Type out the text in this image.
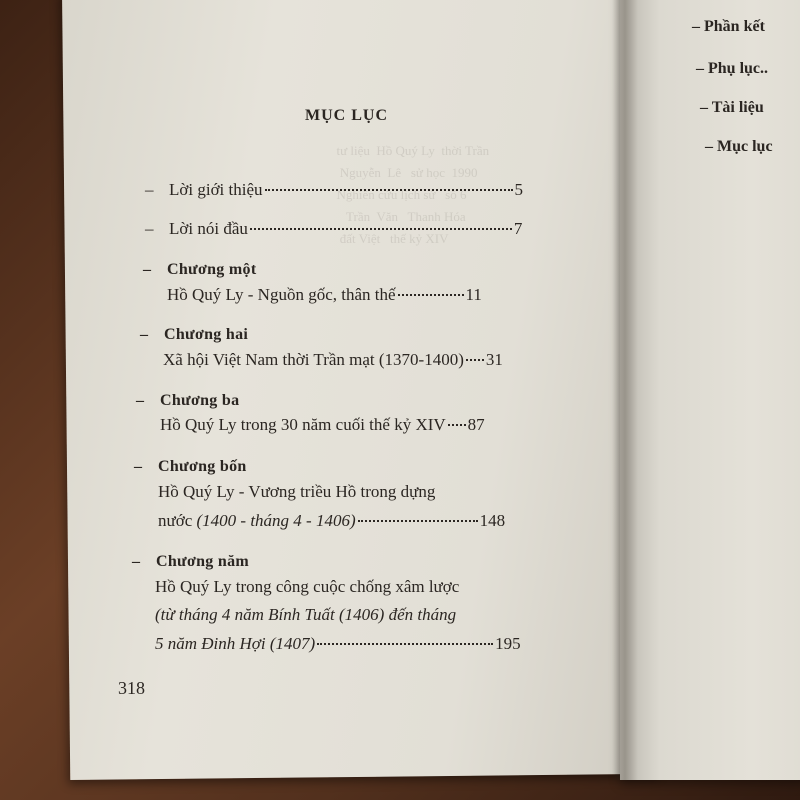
tư liệu  Hồ Quý Ly  thời Trần
Nguyễn  Lê   sử học  1990
Nghiên cứu lịch sử   số 6
Trần  Văn   Thanh Hóa
đất Việt   thế kỷ XIV

MỤC LỤC
– Lời giới thiệu	5
– Lời nói đầu	7
– Chương một
Hồ Quý Ly - Nguồn gốc, thân thế	11
– Chương hai
Xã hội Việt Nam thời Trần mạt (1370-1400) 31
– Chương ba
Hồ Quý Ly trong 30 năm cuối thế kỷ XIV 87
– Chương bốn
Hồ Quý Ly - Vương triều Hồ trong dựng
nước (1400 - tháng 4 - 1406)	148
– Chương năm
Hồ Quý Ly trong công cuộc chống xâm lược
(từ tháng 4 năm Bính Tuất (1406) đến tháng
5 năm Đinh Hợi (1407)	195
318
– Phần kết
– Phụ lục..
– Tài liệu
– Mục lục
